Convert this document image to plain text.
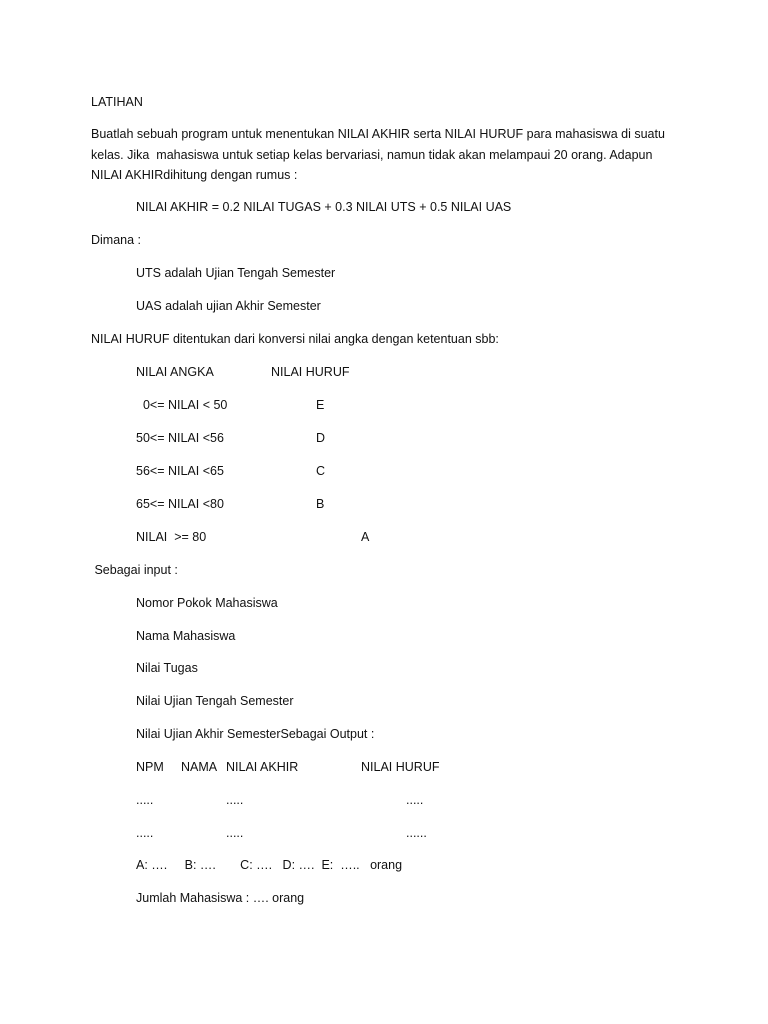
LATIHAN
Buatlah sebuah program untuk menentukan NILAI AKHIR serta NILAI HURUF para mahasiswa di suatu
kelas. Jika  mahasiswa untuk setiap kelas bervariasi, namun tidak akan melampaui 20 orang. Adapun
NILAI AKHIRdihitung dengan rumus :
NILAI AKHIR = 0.2 NILAI TUGAS + 0.3 NILAI UTS + 0.5 NILAI UAS
Dimana :
UTS adalah Ujian Tengah Semester
UAS adalah ujian Akhir Semester
NILAI HURUF ditentukan dari konversi nilai angka dengan ketentuan sbb:
NILAI ANGKA	NILAI HURUF
0<= NILAI < 50	E
50<= NILAI <56	D
56<= NILAI <65	C
65<= NILAI <80	B
NILAI  >= 80	A
Sebagai input :
Nomor Pokok Mahasiswa
Nama Mahasiswa
Nilai Tugas
Nilai Ujian Tengah Semester
Nilai Ujian Akhir SemesterSebagai Output :
NPM NAMA NILAI AKHIR	NILAI HURUF
.....	.....	.....
.....	.....	......
A: ….     B: ….       C: ….   D: ….  E:  …..   orang
Jumlah Mahasiswa : …. orang
